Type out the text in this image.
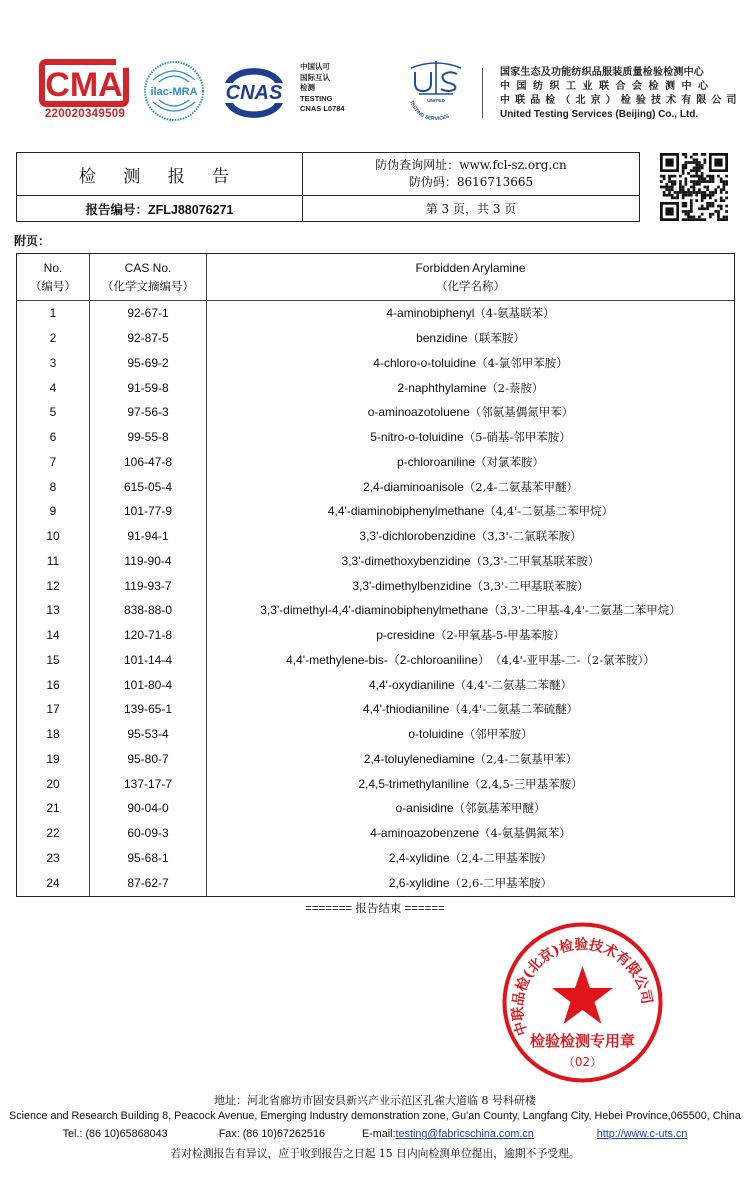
CMA
220020349509
ilac-MRA CNAS
中国认可
国际互认
检测
TESTING
CNAS L0784
UNITED
TESTING SERVICES
国家生态及功能纺织品服装质量检验检测中心
中国纺织工业联合会检测中心
中联品检（北京）检验技术有限公司
United Testing Services (Beijing) Co., Ltd.
检 测 报 告
防伪查询网址：www.fcl-sz.org.cn
防伪码：8616713665
报告编号：ZFLJ88076271	第 3 页，共 3 页
附页：
No.
（编号）
CAS No.
（化学文摘编号）
Forbidden Arylamine
（化学名称）
1	92-67-1	4-aminobiphenyl （4-氨基联苯）
2	92-87-5	benzidine （联苯胺）
3	95-69-2	4-chloro-o-toluidine （4-氯邻甲苯胺）
4	91-59-8	2-naphthylamine （2-萘胺）
5	97-56-3	o-aminoazotoluene （邻氨基偶氮甲苯）
6	99-55-8	5-nitro-o-toluidine （5-硝基-邻甲苯胺）
7	106-47-8	p-chloroaniline （对氯苯胺）
8	615-05-4	2,4-diaminoanisole （2,4-二氨基苯甲醚）
9	101-77-9	4,4'-diaminobiphenylmethane （4,4'-二氨基二苯甲烷）
10	91-94-1	3,3'-dichlorobenzidine （3,3'-二氯联苯胺）
11	119-90-4	3,3'-dimethoxybenzidine （3,3'-二甲氧基联苯胺）
12	119-93-7	3,3'-dimethylbenzidine （3,3'-二甲基联苯胺）
13	838-88-0	3,3'-dimethyl-4,4'-diaminobiphenylmethane （3,3'-二甲基-4,4'-二氨基二苯甲烷）
14	120-71-8	p-cresidine （2-甲氧基-5-甲基苯胺）
15	101-14-4	4,4'-methylene-bis-（2-chloroaniline） （4,4'-亚甲基-二-（2-氯苯胺））
16	101-80-4	4,4'-oxydianiline （4,4'-二氨基二苯醚）
17	139-65-1	4,4'-thiodianiline （4,4'-二氨基二苯硫醚）
18	95-53-4	o-toluidine （邻甲苯胺）
19	95-80-7	2,4-toluylenediamine （2,4-二氨基甲苯）
20	137-17-7	2,4,5-trimethylaniline （2,4,5-三甲基苯胺）
21	90-04-0	o-anisidine （邻氨基苯甲醚）
22	60-09-3	4-aminoazobenzene （4-氨基偶氮苯）
23	95-68-1	2,4-xylidine （2,4-二甲基苯胺）
24	87-62-7	2,6-xylidine （2,6-二甲基苯胺）
======= 报告结束 ======
中联品检(北京)检验技术有限公司
检验检测专用章
（02）
地址：河北省廊坊市固安县新兴产业示范区孔雀大道临 8 号科研楼
Science and Research Building 8, Peacock Avenue, Emerging Industry demonstration zone, Gu'an County, Langfang City, Hebei Province,065500, China
Tel.: (86 10)65868043	Fax: (86 10)67262516	E-mail:testing@fabricschina.com.cn	http://www.c-uts.cn
若对检测报告有异议，应于收到报告之日起 15 日内向检测单位提出，逾期不予受理。
